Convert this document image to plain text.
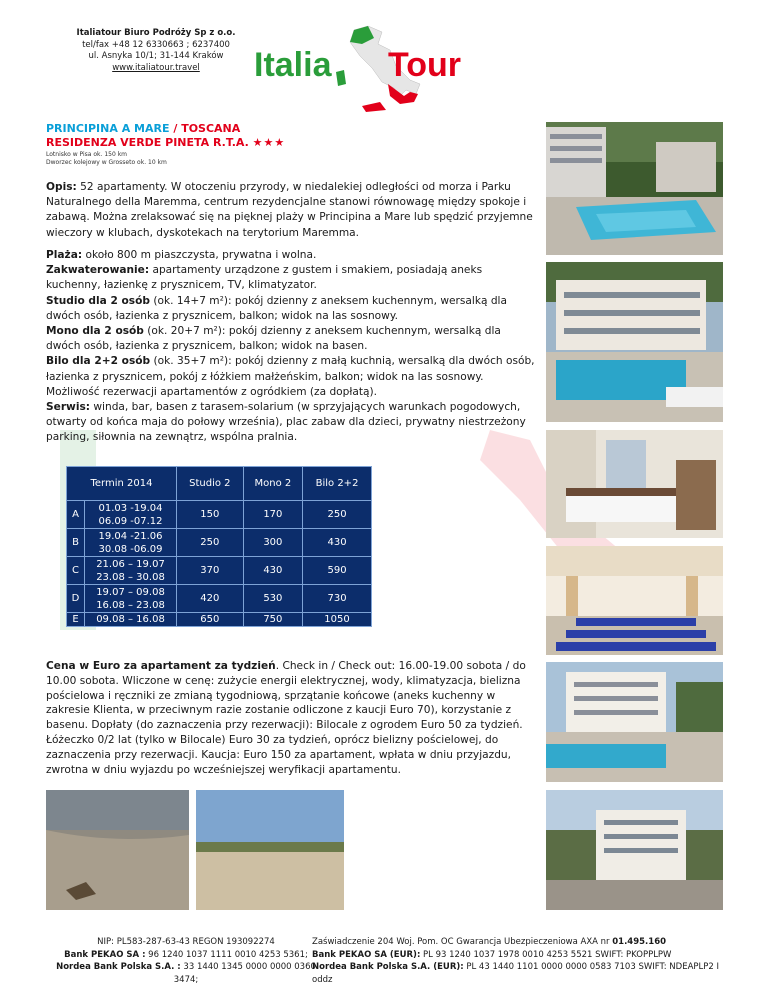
Italiatour Biuro Podróży Sp z o.o.
tel/fax +48 12 6330663 ; 6237400
ul. Asnyka 10/1; 31-144 Kraków
www.italiatour.travel	Italia Tour
PRINCIPINA A MARE / TOSCANA
RESIDENZA VERDE PINETA R.T.A. ★★★
Lotnisko w Pisa ok. 150 km
Dworzec kolejowy w Grosseto ok. 10 km
Opis: 52 apartamenty. W otoczeniu przyrody, w niedalekiej odległości od morza i Parku Naturalnego della Maremma, centrum rezydencjalne stanowi równowagę między spokoje i zabawą. Można zrelaksować się na pięknej plaży w Principina a Mare lub spędzić przyjemne wieczory w klubach, dyskotekach na terytorium Maremma.
Plaża: około 800 m piaszczysta, prywatna i wolna.
Zakwaterowanie: apartamenty urządzone z gustem i smakiem, posiadają aneks kuchenny, łazienkę z prysznicem, TV, klimatyzator.
Studio dla 2 osób (ok. 14+7 m²): pokój dzienny z aneksem kuchennym, wersalką dla dwóch osób, łazienka z prysznicem, balkon; widok na las sosnowy.
Mono dla 2 osób (ok. 20+7 m²): pokój dzienny z aneksem kuchennym, wersalką dla dwóch osób, łazienka z prysznicem, balkon; widok na basen.
Bilo dla 2+2 osób (ok. 35+7 m²): pokój dzienny z małą kuchnią, wersalką dla dwóch osób, łazienka z prysznicem, pokój z łóżkiem małżeńskim, balkon; widok na las sosnowy.
Możliwość rezerwacji apartamentów z ogródkiem (za dopłatą).
Serwis: winda, bar, basen z tarasem-solarium (w sprzyjających warunkach pogodowych, otwarty od końca maja do połowy września), plac zabaw dla dzieci, prywatny niestrzeżony parking, siłownia na zewnątrz, wspólna pralnia.
Termin 2014		Studio 2	Mono 2	Bilo 2+2
A	01.03 -19.04
06.09 -07.12	150	170	250
B	19.04 -21.06
30.08 -06.09	250	300	430
C	21.06 – 19.07
23.08 – 30.08	370	430	590
D	19.07 – 09.08
16.08 – 23.08	420	530	730
E	09.08 – 16.08	650	750	1050
Cena w Euro za apartament za tydzień. Check in / Check out: 16.00-19.00 sobota / do 10.00 sobota. Wliczone w cenę: zużycie energii elektrycznej, wody, klimatyzacja, bielizna pościelowa i ręczniki ze zmianą tygodniową, sprzątanie końcowe (aneks kuchenny w zakresie Klienta, w przeciwnym razie zostanie odliczone z kaucji Euro 70), korzystanie z basenu. Dopłaty (do zaznaczenia przy rezerwacji): Bilocale z ogrodem Euro 50 za tydzień. Łóżeczko 0/2 lat (tylko w Bilocale) Euro 30 za tydzień, oprócz bielizny pościelowej, do zaznaczenia przy rezerwacji. Kaucja: Euro 150 za apartament, wpłata w dniu przyjazdu, zwrotna w dniu wyjazdu po wcześniejszej weryfikacji apartamentu.
NIP: PL583-287-63-43 REGON 193092274
Bank PEKAO SA : 96 1240 1037 1111 0010 4253 5361;
Nordea Bank Polska S.A. : 33 1440 1345 0000 0000 0360 3474;
Zaświadczenie 204 Woj. Pom. OC Gwarancja Ubezpieczeniowa AXA nr 01.495.160
Bank PEKAO SA (EUR): PL 93 1240 1037 1978 0010 4253 5521 SWIFT: PKOPPLPW
Nordea Bank Polska S.A. (EUR): PL 43 1440 1101 0000 0000 0583 7103 SWIFT: NDEAPLP2 I oddz
